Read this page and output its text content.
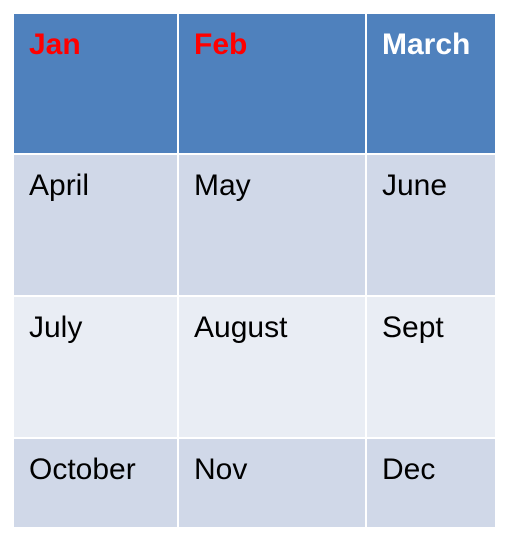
Jan	Feb	March
April	May	June
July	August	Sept
October	Nov	Dec
